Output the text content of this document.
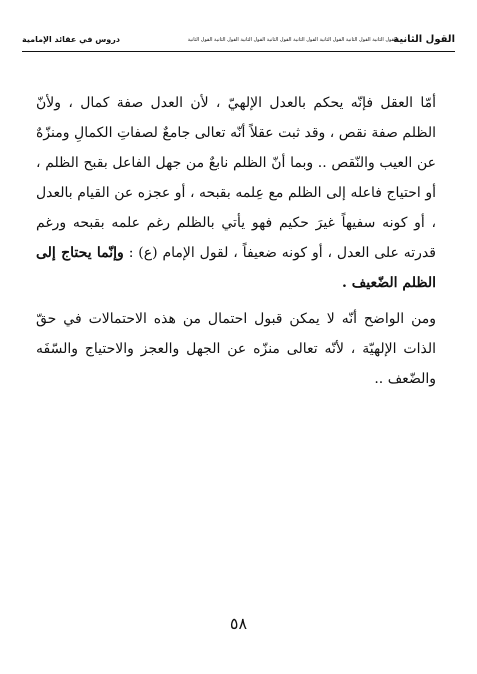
القول الثانية
القول الثانية القول الثانية القول الثانية القول الثانية القول الثانية القول الثانية القول الثانية القول الثانية
دروس في عقائد الإمامية

أمّا العقل فإنّه يحكم بالعدل الإلهيّ ، لأن العدل صفة كمال ، ولأنّ الظلم صفة نقص ، وقد ثبت عقلاً أنّه تعالى جامعٌ لصفاتِ الكمالِ ومنزّهٌ عن العيب والنّقص .. وبما أنّ الظلم نابعٌ من جهل الفاعل بقبح الظلم ، أو احتياج فاعله إلى الظلم مع عِلمه بقبحه ، أو عجزه عن القيام بالعدل ، أو كونه سفيهاً غيرَ حكيم فهو يأتي بالظلم رغم علمه بقبحه ورغم قدرته على العدل ، أو كونه ضعيفاً ، لقول الإمام (ع) : وإنّما يحتاج إلى الظلم الضّعيف .

ومن الواضح أنّه لا يمكن قبول احتمال من هذه الاحتمالات في حقّ الذات الإلهيّة ، لأنّه تعالى منزّه عن الجهل والعجز والاحتياج والسّفَه والضّعف ..

٥٨
